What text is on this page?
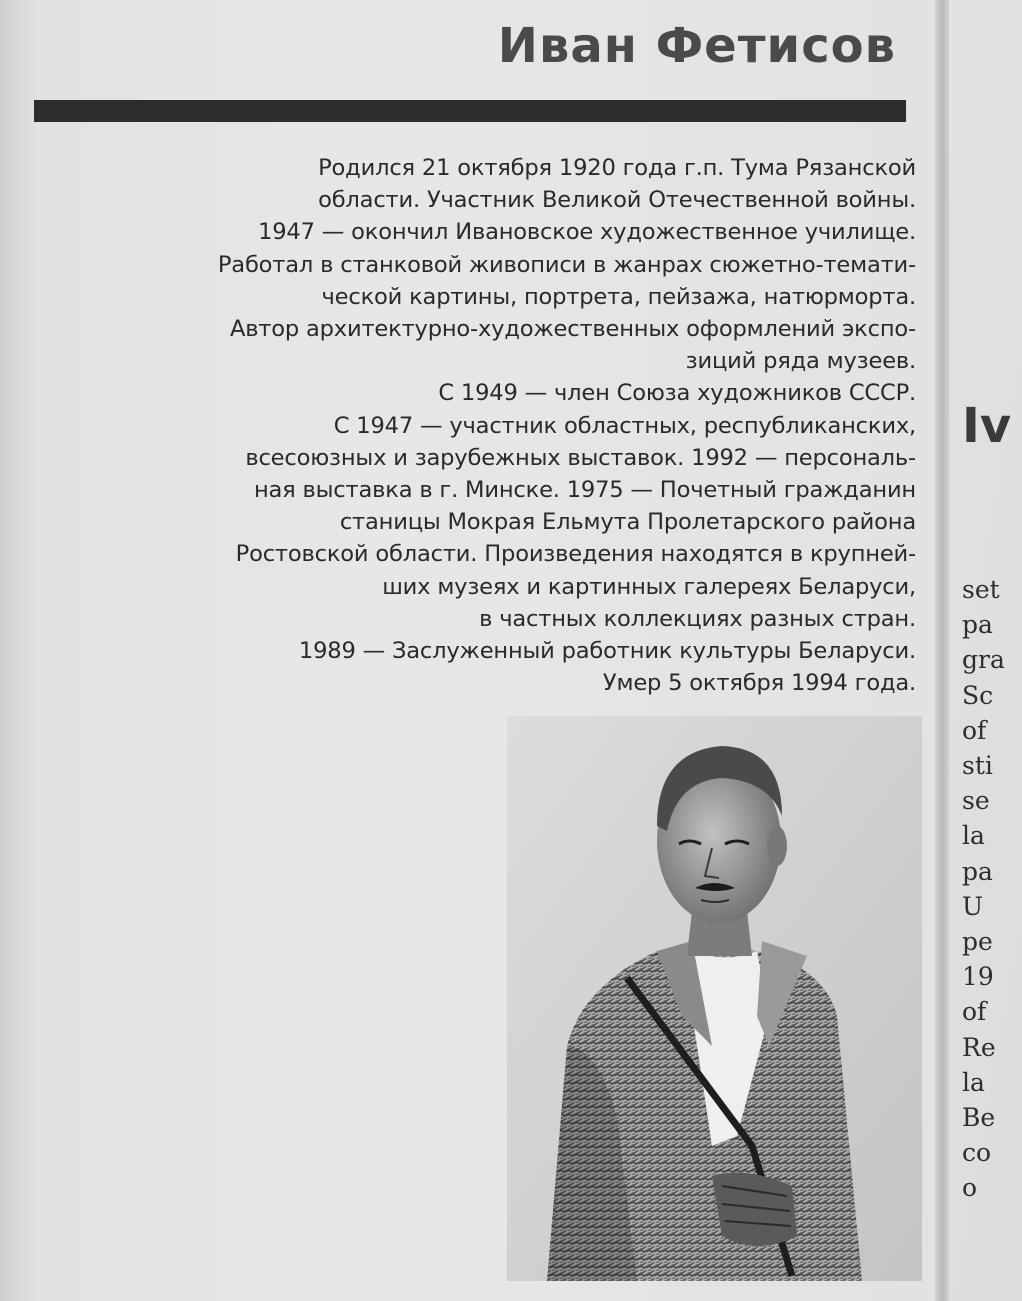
Иван Фетисов
Родился 21 октября 1920 года г.п. Тума Рязанской
области. Участник Великой Отечественной войны.
1947 — окончил Ивановское художественное училище.
Работал в станковой живописи в жанрах сюжетно-темати-
ческой картины, портрета, пейзажа, натюрморта.
Автор архитектурно-художественных оформлений экспо-
зиций ряда музеев.
С 1949 — член Союза художников СССР.
С 1947 — участник областных, республиканских,
всесоюзных и зарубежных выставок. 1992 — персональ-
ная выставка в г. Минске. 1975 — Почетный гражданин
станицы Мокрая Ельмута Пролетарского района
Ростовской области. Произведения находятся в крупней-
ших музеях и картинных галереях Беларуси,
в частных коллекциях разных стран.
1989 — Заслуженный работник культуры Беларуси.
Умер 5 октября 1994 года.
Iv
set
pa
gra
Sc
of
sti
se
la
pa
U
pe
19
of
Re
la
Be
co
o
